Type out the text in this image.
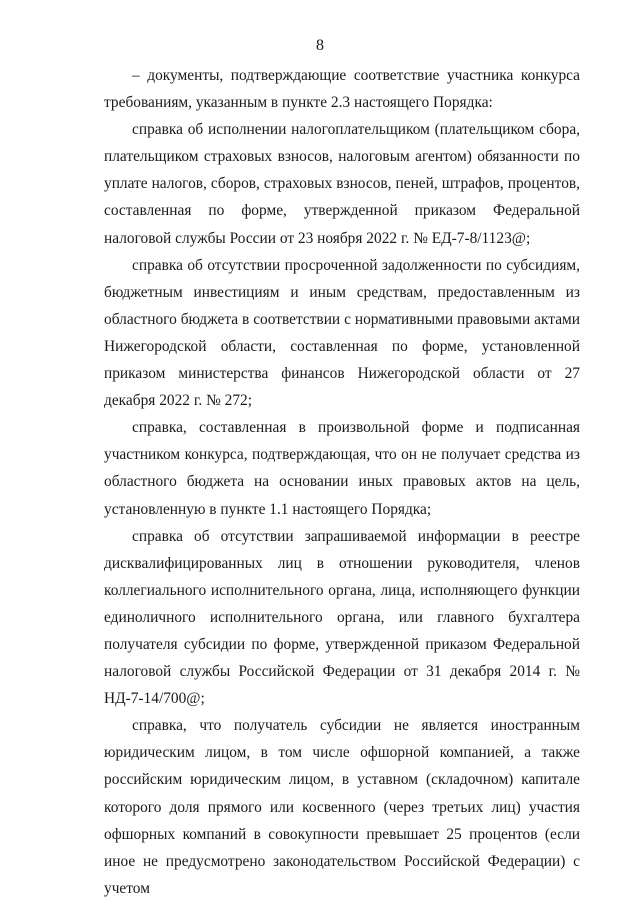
8

– документы, подтверждающие соответствие участника конкурса требованиям, указанным в пункте 2.3 настоящего Порядка:

справка об исполнении налогоплательщиком (плательщиком сбора, плательщиком страховых взносов, налоговым агентом) обязанности по уплате налогов, сборов, страховых взносов, пеней, штрафов, процентов, составленная по форме, утвержденной приказом Федеральной налоговой службы России от 23 ноября 2022 г. № ЕД-7-8/1123@;

справка об отсутствии просроченной задолженности по субсидиям, бюджетным инвестициям и иным средствам, предоставленным из областного бюджета в соответствии с нормативными правовыми актами Нижегородской области, составленная по форме, установленной приказом министерства финансов Нижегородской области от 27 декабря 2022 г. № 272;

справка, составленная в произвольной форме и подписанная участником конкурса, подтверждающая, что он не получает средства из областного бюджета на основании иных правовых актов на цель, установленную в пункте 1.1 настоящего Порядка;

справка об отсутствии запрашиваемой информации в реестре дисквалифицированных лиц в отношении руководителя, членов коллегиального исполнительного органа, лица, исполняющего функции единоличного исполнительного органа, или главного бухгалтера получателя субсидии по форме, утвержденной приказом Федеральной налоговой службы Российской Федерации от 31 декабря 2014 г. № НД-7-14/700@;

справка, что получатель субсидии не является иностранным юридическим лицом, в том числе офшорной компанией, а также российским юридическим лицом, в уставном (складочном) капитале которого доля прямого или косвенного (через третьих лиц) участия офшорных компаний в совокупности превышает 25 процентов (если иное не предусмотрено законодательством Российской Федерации) с учетом
